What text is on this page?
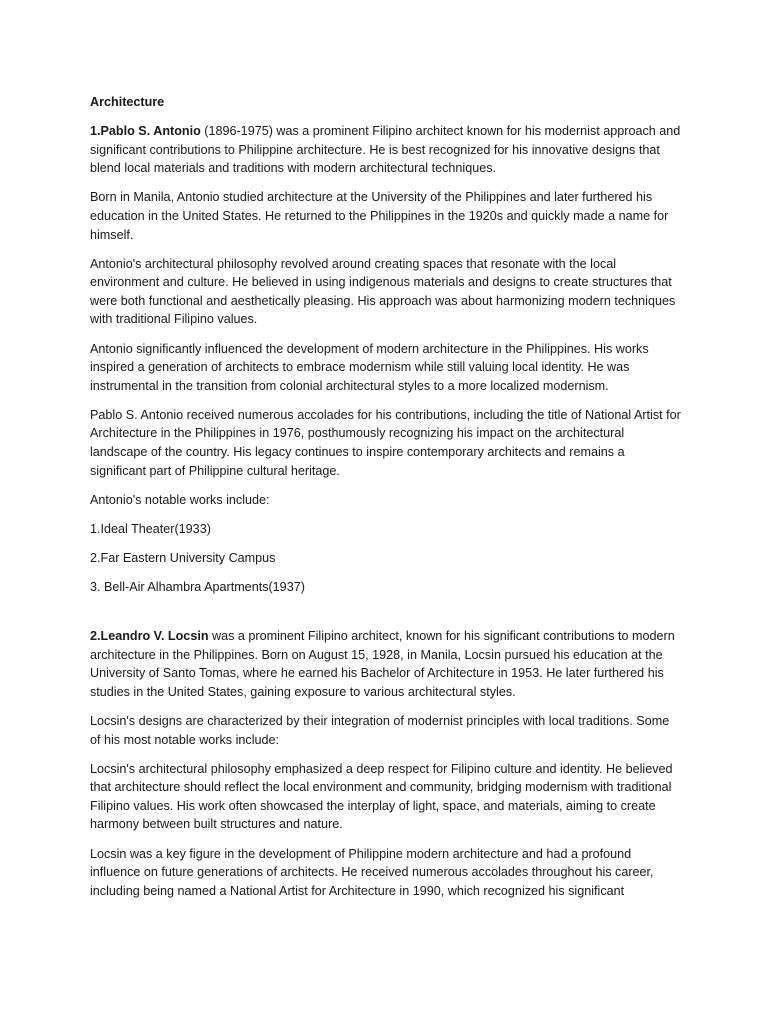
Architecture

1.Pablo S. Antonio (1896-1975) was a prominent Filipino architect known for his modernist approach and significant contributions to Philippine architecture. He is best recognized for his innovative designs that blend local materials and traditions with modern architectural techniques.

Born in Manila, Antonio studied architecture at the University of the Philippines and later furthered his education in the United States. He returned to the Philippines in the 1920s and quickly made a name for himself.

Antonio's architectural philosophy revolved around creating spaces that resonate with the local environment and culture. He believed in using indigenous materials and designs to create structures that were both functional and aesthetically pleasing. His approach was about harmonizing modern techniques with traditional Filipino values.

Antonio significantly influenced the development of modern architecture in the Philippines. His works inspired a generation of architects to embrace modernism while still valuing local identity. He was instrumental in the transition from colonial architectural styles to a more localized modernism.

Pablo S. Antonio received numerous accolades for his contributions, including the title of National Artist for Architecture in the Philippines in 1976, posthumously recognizing his impact on the architectural landscape of the country. His legacy continues to inspire contemporary architects and remains a significant part of Philippine cultural heritage.

Antonio's notable works include:

1.Ideal Theater(1933)

2.Far Eastern University Campus

3. Bell-Air Alhambra Apartments(1937)

2.Leandro V. Locsin was a prominent Filipino architect, known for his significant contributions to modern architecture in the Philippines. Born on August 15, 1928, in Manila, Locsin pursued his education at the University of Santo Tomas, where he earned his Bachelor of Architecture in 1953. He later furthered his studies in the United States, gaining exposure to various architectural styles.

Locsin's designs are characterized by their integration of modernist principles with local traditions. Some of his most notable works include:

Locsin's architectural philosophy emphasized a deep respect for Filipino culture and identity. He believed that architecture should reflect the local environment and community, bridging modernism with traditional Filipino values. His work often showcased the interplay of light, space, and materials, aiming to create harmony between built structures and nature.

Locsin was a key figure in the development of Philippine modern architecture and had a profound influence on future generations of architects. He received numerous accolades throughout his career, including being named a National Artist for Architecture in 1990, which recognized his significant
